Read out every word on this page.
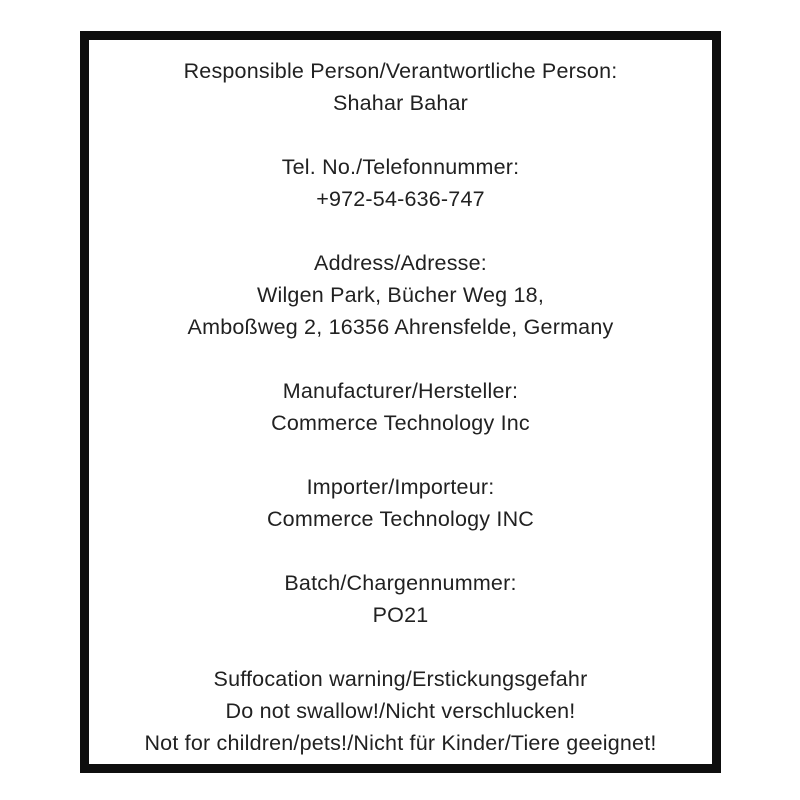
Responsible Person/Verantwortliche Person:

Shahar Bahar

Tel. No./Telefonnummer:

+972-54-636-747

Address/Adresse:

Wilgen Park, Bücher Weg 18,

Amboßweg 2, 16356 Ahrensfelde, Germany

Manufacturer/Hersteller:

Commerce Technology Inc

Importer/Importeur:

Commerce Technology INC

Batch/Chargennummer:

PO21

Suffocation warning/Erstickungsgefahr

Do not swallow!/Nicht verschlucken!

Not for children/pets!/Nicht für Kinder/Tiere geeignet!
